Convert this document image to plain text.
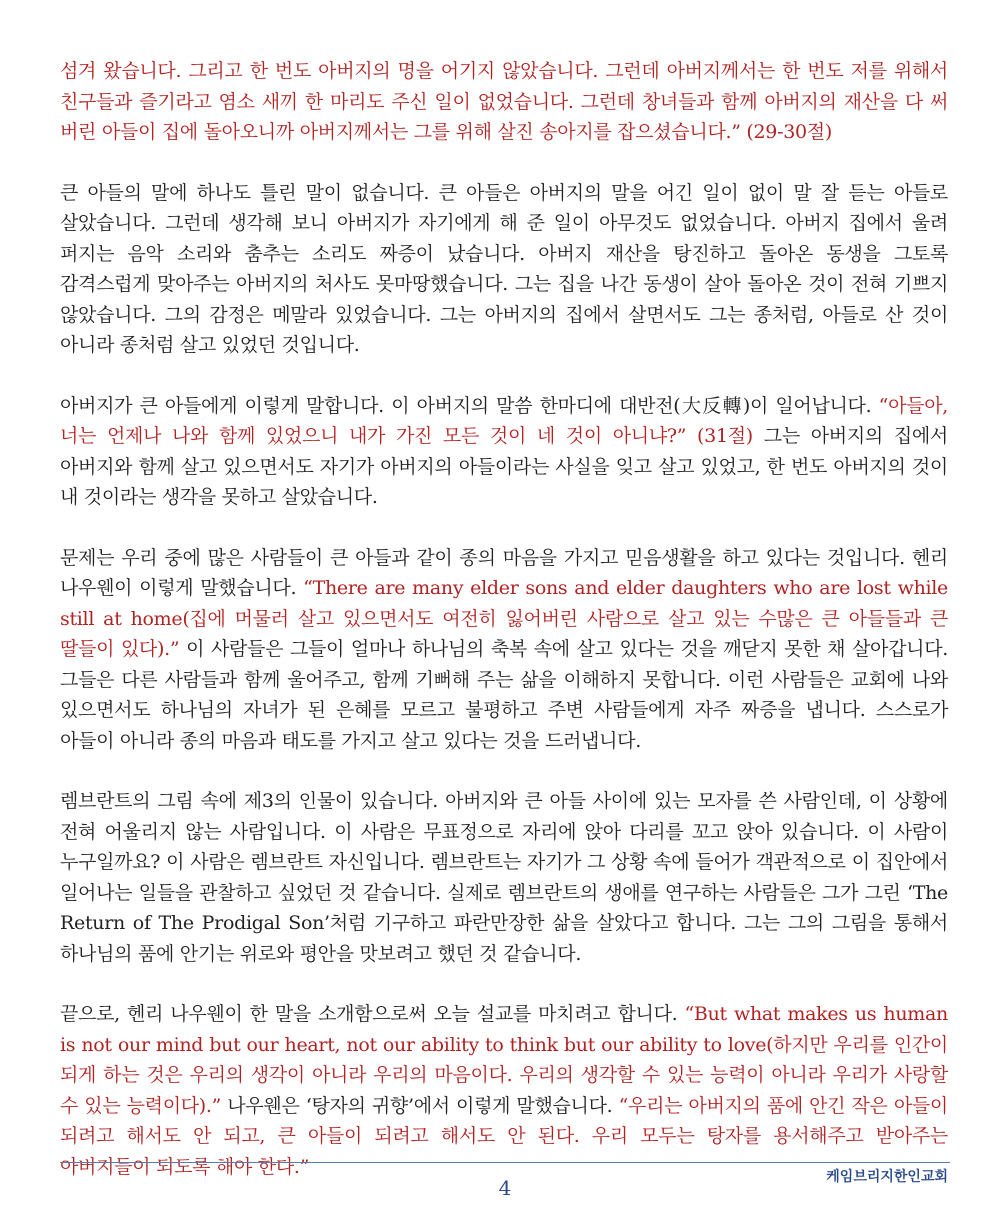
섬겨 왔습니다. 그리고 한 번도 아버지의 명을 어기지 않았습니다. 그런데 아버지께서는 한 번도 저를 위해서 친구들과 즐기라고 염소 새끼 한 마리도 주신 일이 없었습니다. 그런데 창녀들과 함께 아버지의 재산을 다 써 버린 아들이 집에 돌아오니까 아버지께서는 그를 위해 살진 송아지를 잡으셨습니다.” (29-30절)

큰 아들의 말에 하나도 틀린 말이 없습니다. 큰 아들은 아버지의 말을 어긴 일이 없이 말 잘 듣는 아들로 살았습니다. 그런데 생각해 보니 아버지가 자기에게 해 준 일이 아무것도 없었습니다. 아버지 집에서 울려 퍼지는 음악 소리와 춤추는 소리도 짜증이 났습니다. 아버지 재산을 탕진하고 돌아온 동생을 그토록 감격스럽게 맞아주는 아버지의 처사도 못마땅했습니다. 그는 집을 나간 동생이 살아 돌아온 것이 전혀 기쁘지 않았습니다. 그의 감정은 메말라 있었습니다. 그는 아버지의 집에서 살면서도 그는 종처럼, 아들로 산 것이 아니라 종처럼 살고 있었던 것입니다.

아버지가 큰 아들에게 이렇게 말합니다. 이 아버지의 말씀 한마디에 대반전(大反轉)이 일어납니다. “아들아, 너는 언제나 나와 함께 있었으니 내가 가진 모든 것이 네 것이 아니냐?” (31절) 그는 아버지의 집에서 아버지와 함께 살고 있으면서도 자기가 아버지의 아들이라는 사실을 잊고 살고 있었고, 한 번도 아버지의 것이 내 것이라는 생각을 못하고 살았습니다.

문제는 우리 중에 많은 사람들이 큰 아들과 같이 종의 마음을 가지고 믿음생활을 하고 있다는 것입니다. 헨리 나우웬이 이렇게 말했습니다. “There are many elder sons and elder daughters who are lost while still at home(집에 머물러 살고 있으면서도 여전히 잃어버린 사람으로 살고 있는 수많은 큰 아들들과 큰 딸들이 있다).” 이 사람들은 그들이 얼마나 하나님의 축복 속에 살고 있다는 것을 깨닫지 못한 채 살아갑니다. 그들은 다른 사람들과 함께 울어주고, 함께 기뻐해 주는 삶을 이해하지 못합니다. 이런 사람들은 교회에 나와 있으면서도 하나님의 자녀가 된 은혜를 모르고 불평하고 주변 사람들에게 자주 짜증을 냅니다. 스스로가 아들이 아니라 종의 마음과 태도를 가지고 살고 있다는 것을 드러냅니다.

렘브란트의 그림 속에 제3의 인물이 있습니다. 아버지와 큰 아들 사이에 있는 모자를 쓴 사람인데, 이 상황에 전혀 어울리지 않는 사람입니다. 이 사람은 무표정으로 자리에 앉아 다리를 꼬고 앉아 있습니다. 이 사람이 누구일까요? 이 사람은 렘브란트 자신입니다. 렘브란트는 자기가 그 상황 속에 들어가 객관적으로 이 집안에서 일어나는 일들을 관찰하고 싶었던 것 같습니다. 실제로 렘브란트의 생애를 연구하는 사람들은 그가 그린 ‘The Return of The Prodigal Son’처럼 기구하고 파란만장한 삶을 살았다고 합니다. 그는 그의 그림을 통해서 하나님의 품에 안기는 위로와 평안을 맛보려고 했던 것 같습니다.

끝으로, 헨리 나우웬이 한 말을 소개함으로써 오늘 설교를 마치려고 합니다. “But what makes us human is not our mind but our heart, not our ability to think but our ability to love(하지만 우리를 인간이 되게 하는 것은 우리의 생각이 아니라 우리의 마음이다. 우리의 생각할 수 있는 능력이 아니라 우리가 사랑할 수 있는 능력이다).” 나우웬은 ‘탕자의 귀향’에서 이렇게 말했습니다. “우리는 아버지의 품에 안긴 작은 아들이 되려고 해서도 안 되고, 큰 아들이 되려고 해서도 안 된다. 우리 모두는 탕자를 용서해주고 받아주는 아버지들이 되도록 해야 한다.”	케임브리지한인교회
4
